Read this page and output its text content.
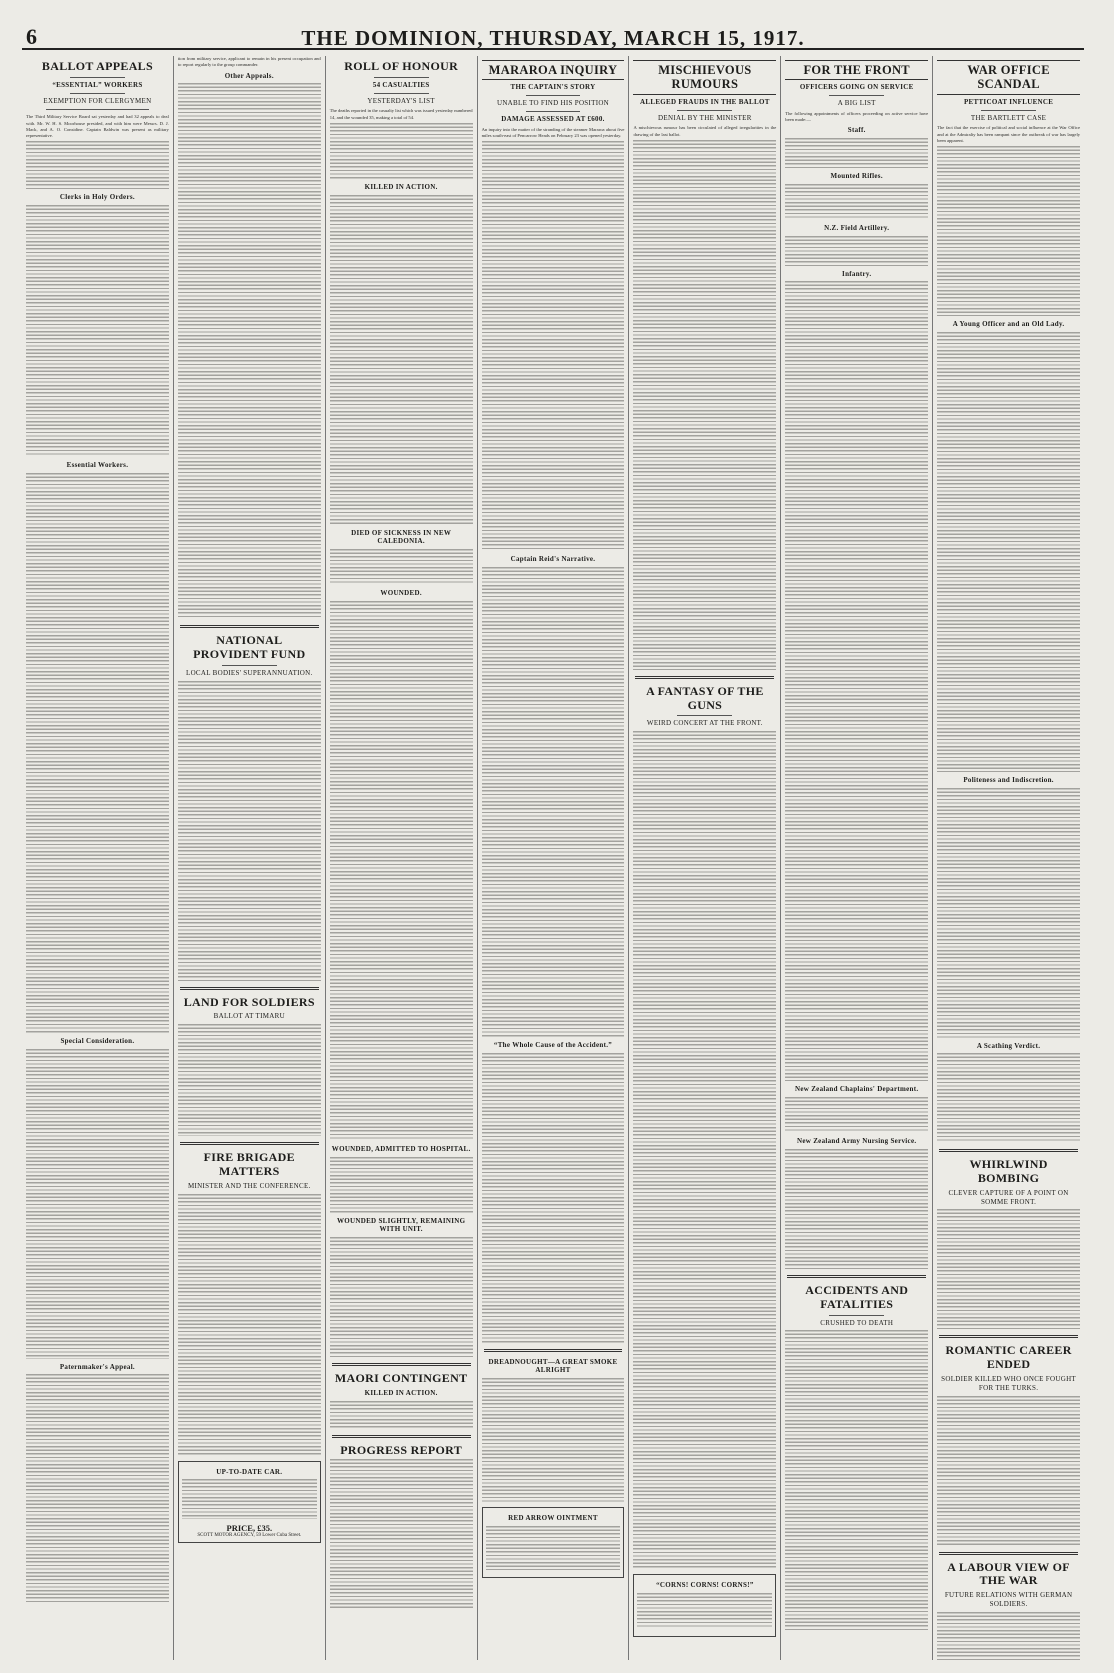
6	THE DOMINION, THURSDAY, MARCH 15, 1917.
BALLOT APPEALS
“ESSENTIAL” WORKERS
EXEMPTION FOR CLERGYMEN
The Third Military Service Board sat yesterday and had 32 appeals to deal with. Mr. W. H. S. Moorhouse presided, and with him were Messrs. D. J. Mack, and A. O. Considine. Captain Baldwin was present as military representative.
Clerks in Holy Orders.
Essential Workers.
Special Consideration.
Paternmaker's Appeal.
tion from military service, applicant to remain in his present occupation and to report regularly to the group commander.
Other Appeals.
NATIONAL PROVIDENT FUND
LOCAL BODIES' SUPERANNUATION.
LAND FOR SOLDIERS
BALLOT AT TIMARU
FIRE BRIGADE MATTERS
MINISTER AND THE CONFERENCE.
UP-TO-DATE CAR.
PRICE, £35.
SCOTT MOTOR AGENCY, 59 Lower Cuba Street.
ROLL OF HONOUR
54 CASUALTIES
YESTERDAY'S LIST
The deaths reported in the casualty list which was issued yesterday numbered 14, and the wounded 35, making a total of 54.
KILLED IN ACTION.
DIED OF SICKNESS IN NEW CALEDONIA.
WOUNDED.
WOUNDED, ADMITTED TO HOSPITAL.
WOUNDED SLIGHTLY, REMAINING WITH UNIT.
MAORI CONTINGENT
KILLED IN ACTION.
PROGRESS REPORT
MARAROA INQUIRY
THE CAPTAIN'S STORY
UNABLE TO FIND HIS POSITION
DAMAGE ASSESSED AT £600.
An inquiry into the matter of the stranding of the steamer Mararoa about five miles south-east of Pencarrow Heads on February 23 was opened yesterday.
Captain Reid's Narrative.
“The Whole Cause of the Accident.”
DREADNOUGHT—A GREAT SMOKE ALRIGHT
RED ARROW OINTMENT
MISCHIEVOUS RUMOURS
ALLEGED FRAUDS IN THE BALLOT
DENIAL BY THE MINISTER
A mischievous rumour has been circulated of alleged irregularities in the drawing of the last ballot.
A FANTASY OF THE GUNS
WEIRD CONCERT AT THE FRONT.
“CORNS! CORNS! CORNS!”
FOR THE FRONT
OFFICERS GOING ON SERVICE
A BIG LIST
The following appointments of officers proceeding on active service have been made:—
Staff.
Mounted Rifles.
N.Z. Field Artillery.
Infantry.
New Zealand Chaplains' Department.
New Zealand Army Nursing Service.
ACCIDENTS AND FATALITIES
CRUSHED TO DEATH
WAR OFFICE SCANDAL
PETTICOAT INFLUENCE
THE BARTLETT CASE
The fact that the exercise of political and social influence at the War Office and at the Admiralty has been rampant since the outbreak of war has largely been apparent.
A Young Officer and an Old Lady.
Politeness and Indiscretion.
A Scathing Verdict.
WHIRLWIND BOMBING
CLEVER CAPTURE OF A POINT ON SOMME FRONT.
ROMANTIC CAREER ENDED
SOLDIER KILLED WHO ONCE FOUGHT FOR THE TURKS.
A LABOUR VIEW OF THE WAR
FUTURE RELATIONS WITH GERMAN SOLDIERS.
